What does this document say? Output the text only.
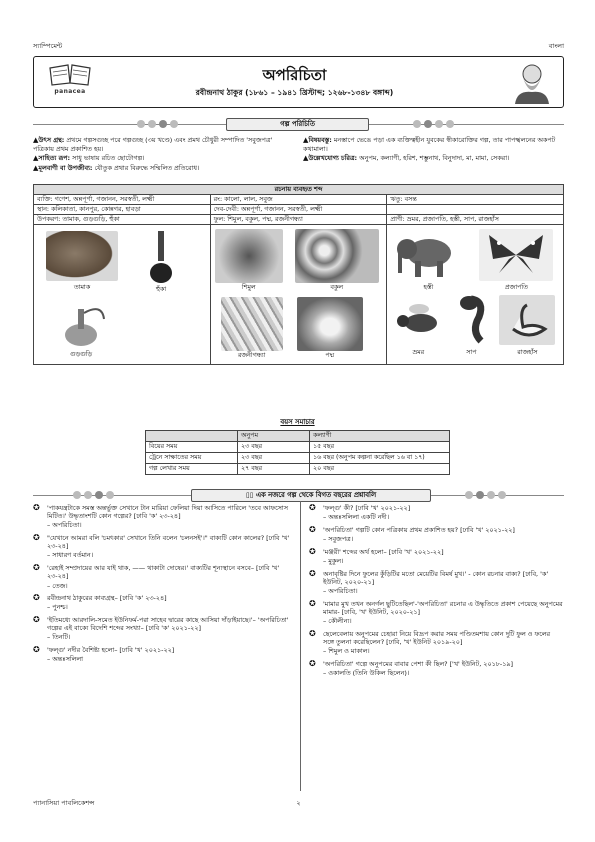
স্যাম্পিমেন্ট	বাংলা
panacea
অপরিচিতা
রবীন্দ্রনাথ ঠাকুর (১৮৬১ – ১৯৪১ খ্রিস্টাব্দ; ১২৬৮-১৩৪৮ বঙ্গাব্দ)
গল্প পরিচিতি

▲উৎস গ্রন্থ: প্রথমে গল্পসগুচ্ছ পরে গল্পগুচ্ছ (৩য় খণ্ডে) এবং প্রমথ চৌধুরী সম্পাদিত 'সবুজপত্র' পত্রিকায় প্রথম প্রকাশিত হয়।

▲সাহিত্য রূপ: সাধু ভাষায় রচিত ছোটোগল্প।

▲মূলবাণী বা উপজীব্য: যৌতুক প্রথার বিরুদ্ধে সম্মিলিত প্রতিরোধ।

▲বিষয়বস্তু: মনস্তাপে ভেঙে পড়া এক ব্যক্তিত্বহীন যুবকের স্বীকারোক্তির গল্প, তার পাপস্খলনের অকপট কথামালা।

▲উল্লেখযোগ্য চরিত্র: অনুপম, কল্যাণী, হরিশ, শম্ভুনাথ, বিনুদাদা, মা, মামা, সেকরা।

রচনায় ব্যবহৃত শব্দ
ব্যক্তি: গণেশ, অন্নপূর্ণা, গজানন, সরস্বতী, লক্ষ্মী	রং: কালো, লাল, সবুজ	ঋতু: বসন্ত
স্থান: কলিকাতা, কানপুর, কোন্নগর, হাবড়া	দেব-দেবী: অন্নপূর্ণা, গজানন, সরস্বতী, লক্ষ্মী
উপকরণ: তামাক, গুড়গুড়ি, হুঁকা	ফুল: শিমুল, বকুল, পদ্ম, রজনীগন্ধ্যা	প্রাণী: ভ্রমর, প্রজাপতি, হস্তী, সাপ, রাজহাঁস
তামাক	হুঁকা
গুড়গুড়ি
শিমুল	বকুল
রজনীগন্ধ্যা	পদ্ম
হস্তী	প্রজাপতি
ভ্রমর	সাপ	রাজহাঁস
বয়স সমাচার
	অনুপম	কল্যাণী
বিয়ের সময়	২৩ বছর	১৫ বছর
ট্রেনে সাক্ষাতের সময়	২৩ বছর	১৬ বছর (অনুপম কল্পনা করেছিল ১৬ বা ১৭)
গল্প লেখার সময়	২৭ বছর	২০ বছর
▯▯ এক নজরে গল্প থেকে বিগত বছরের প্রশ্নাবলি
✪ 'পাকযন্ত্রটাকে সমস্ত অন্তর্ভুক্ত সেখানে টান মারিয়া ফেলিয়া দিয়া আসিতে পারিলে 'তবে আফসোস মিটিত।' উদ্ধৃতাংশটি কোন গল্পের? [ঢাবি 'ক' ২৩-২৪]
– অপরিচিতা।
✪ "যেখানে আমরা বলি 'চমৎকার' সেখানে তিনি বলেন 'চলনসই'।" বাক্যটি কোন কালের? [ঢাবি 'খ' ২৩-২৪]
– সাধারণ বর্তমান।
✪ 'রেহাই সম্প্রদায়ের আর যাই থাক, —— থাকাটা দোষের।' বাক্যটির শূন্যস্থানে বসবে– [ঢাবি 'খ' ২৩-২৪]
– তেজ।
✪ রবীন্দ্রনাথ ঠাকুরের কাব্যগ্রন্থ– [ঢাবি 'ক' ২৩-২৪]
– পুনশ্চ।
✪ 'ইতিমধ্যে আরদালি-সমেত ইউনিফর্ম-পরা সাহেব দ্বারের কাছে আসিয়া দাঁড়াইয়াছে।'– 'অপরিচিতা' গল্পের এই বাক্যে বিদেশি শব্দের সংখ্যা– [ঢাবি 'ক' ২০২১-২২]
– তিনটি।
✪ 'ফল্গু' নদীর বৈশিষ্ট্য হলো– [ঢাবি 'খ' ২০২১-২২]
– অন্তঃসলিলা
✪ 'ফল্গু' কী? [ঢাবি 'খ' ২০২১-২২]
– অন্তঃসলিলা একটি নদী।
✪ 'অপরিচিতা' গল্পটি কোন পত্রিকায় প্রথম প্রকাশিত হয়? [ঢাবি 'খ' ২০২১-২২]
– সবুজপত্র।
✪ 'মঞ্জরী' শব্দের অর্থ হলো– [ঢাবি 'খ' ২০২১-২২]
– মুকুল।
✪ অনাবৃষ্টির দিনে ফুলের কুঁড়িটির মতো মেয়েটির বিমর্ষ মুখ।' - কোন রচনার বাক্য? [ঢাবি, 'ক' ইউনিট, ২০২০-২১]
– অপরিচিতা।
✪ 'মামার মুখ তখন অনর্গল ছুটিতেছিল'-'অপরিচিতা' রচনার এ উদ্ধৃতিতে প্রকাশ পেয়েছে অনুপমের মামার- [ঢাবি, 'খ' ইউনিট, ২০২০-২১]
– কৌলীন্য।
✪ ছেলেবেলায় অনুপমের চেহারা নিয়ে বিদ্রূপ করার সময় পণ্ডিতমশায় কোন দুটি ফুল ও ফলের সঙ্গে তুলনা করেছিলেন? [ঢাবি, 'খ' ইউনিট ২০১৯-২০]
– শিমুল ও মাকাল।
✪ 'অপরিচিতা' গল্পে অনুপমের বাবার পেশা কী ছিল? ['খ' ইউনিট, ২০১৮-১৯]
– ওকালতি (তিনি উকিল ছিলেন)।
প্যানাসিয়া পাবলিকেশন্স	২
